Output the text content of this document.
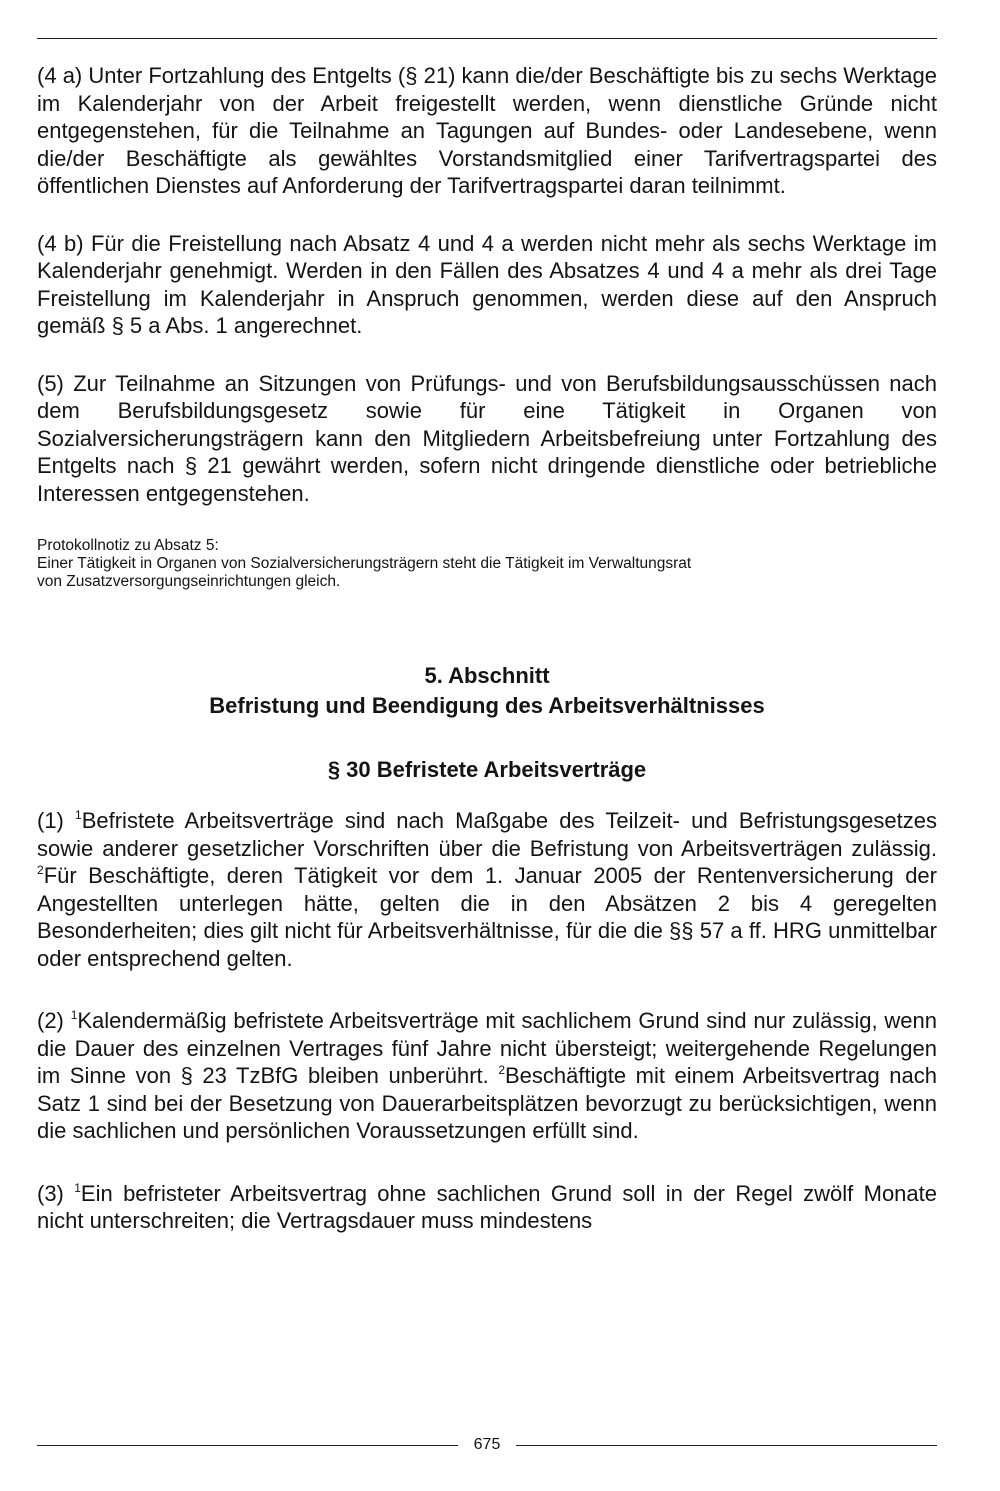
(4 a) Unter Fortzahlung des Entgelts (§ 21) kann die/der Beschäftigte bis zu sechs Werktage im Kalenderjahr von der Arbeit freigestellt werden, wenn dienstliche Gründe nicht entgegenstehen, für die Teilnahme an Tagungen auf Bundes- oder Landesebene, wenn die/der Beschäftigte als gewähltes Vorstandsmitglied einer Tarifvertragspartei des öffentlichen Dienstes auf Anforderung der Tarifvertragspartei daran teilnimmt.

(4 b) Für die Freistellung nach Absatz 4 und 4 a werden nicht mehr als sechs Werktage im Kalenderjahr genehmigt. Werden in den Fällen des Absatzes 4 und 4 a mehr als drei Tage Freistellung im Kalenderjahr in Anspruch genommen, werden diese auf den Anspruch gemäß § 5 a Abs. 1 angerechnet.

(5) Zur Teilnahme an Sitzungen von Prüfungs- und von Berufsbildungsausschüssen nach dem Berufsbildungsgesetz sowie für eine Tätigkeit in Organen von Sozialversicherungsträgern kann den Mitgliedern Arbeitsbefreiung unter Fortzahlung des Entgelts nach § 21 gewährt werden, sofern nicht dringende dienstliche oder betriebliche Interessen entgegenstehen.

Protokollnotiz zu Absatz 5:
Einer Tätigkeit in Organen von Sozialversicherungsträgern steht die Tätigkeit im Verwaltungsrat
von Zusatzversorgungseinrichtungen gleich.
5. Abschnitt
Befristung und Beendigung des Arbeitsverhältnisses
§ 30 Befristete Arbeitsverträge

(1) $^1$Befristete Arbeitsverträge sind nach Maßgabe des Teilzeit- und Befristungsgesetzes sowie anderer gesetzlicher Vorschriften über die Befristung von Arbeitsverträgen zulässig. $^2$Für Beschäftigte, deren Tätigkeit vor dem 1. Januar 2005 der Rentenversicherung der Angestellten unterlegen hätte, gelten die in den Absätzen 2 bis 4 geregelten Besonderheiten; dies gilt nicht für Arbeitsverhältnisse, für die die §§ 57 a ff. HRG unmittelbar oder entsprechend gelten.

(2) $^1$Kalendermäßig befristete Arbeitsverträge mit sachlichem Grund sind nur zulässig, wenn die Dauer des einzelnen Vertrages fünf Jahre nicht übersteigt; weitergehende Regelungen im Sinne von § 23 TzBfG bleiben unberührt. $^2$Beschäftigte mit einem Arbeitsvertrag nach Satz 1 sind bei der Besetzung von Dauerarbeitsplätzen bevorzugt zu berücksichtigen, wenn die sachlichen und persönlichen Voraussetzungen erfüllt sind.

(3) $^1$Ein befristeter Arbeitsvertrag ohne sachlichen Grund soll in der Regel zwölf Monate nicht unterschreiten; die Vertragsdauer muss mindestens

675
